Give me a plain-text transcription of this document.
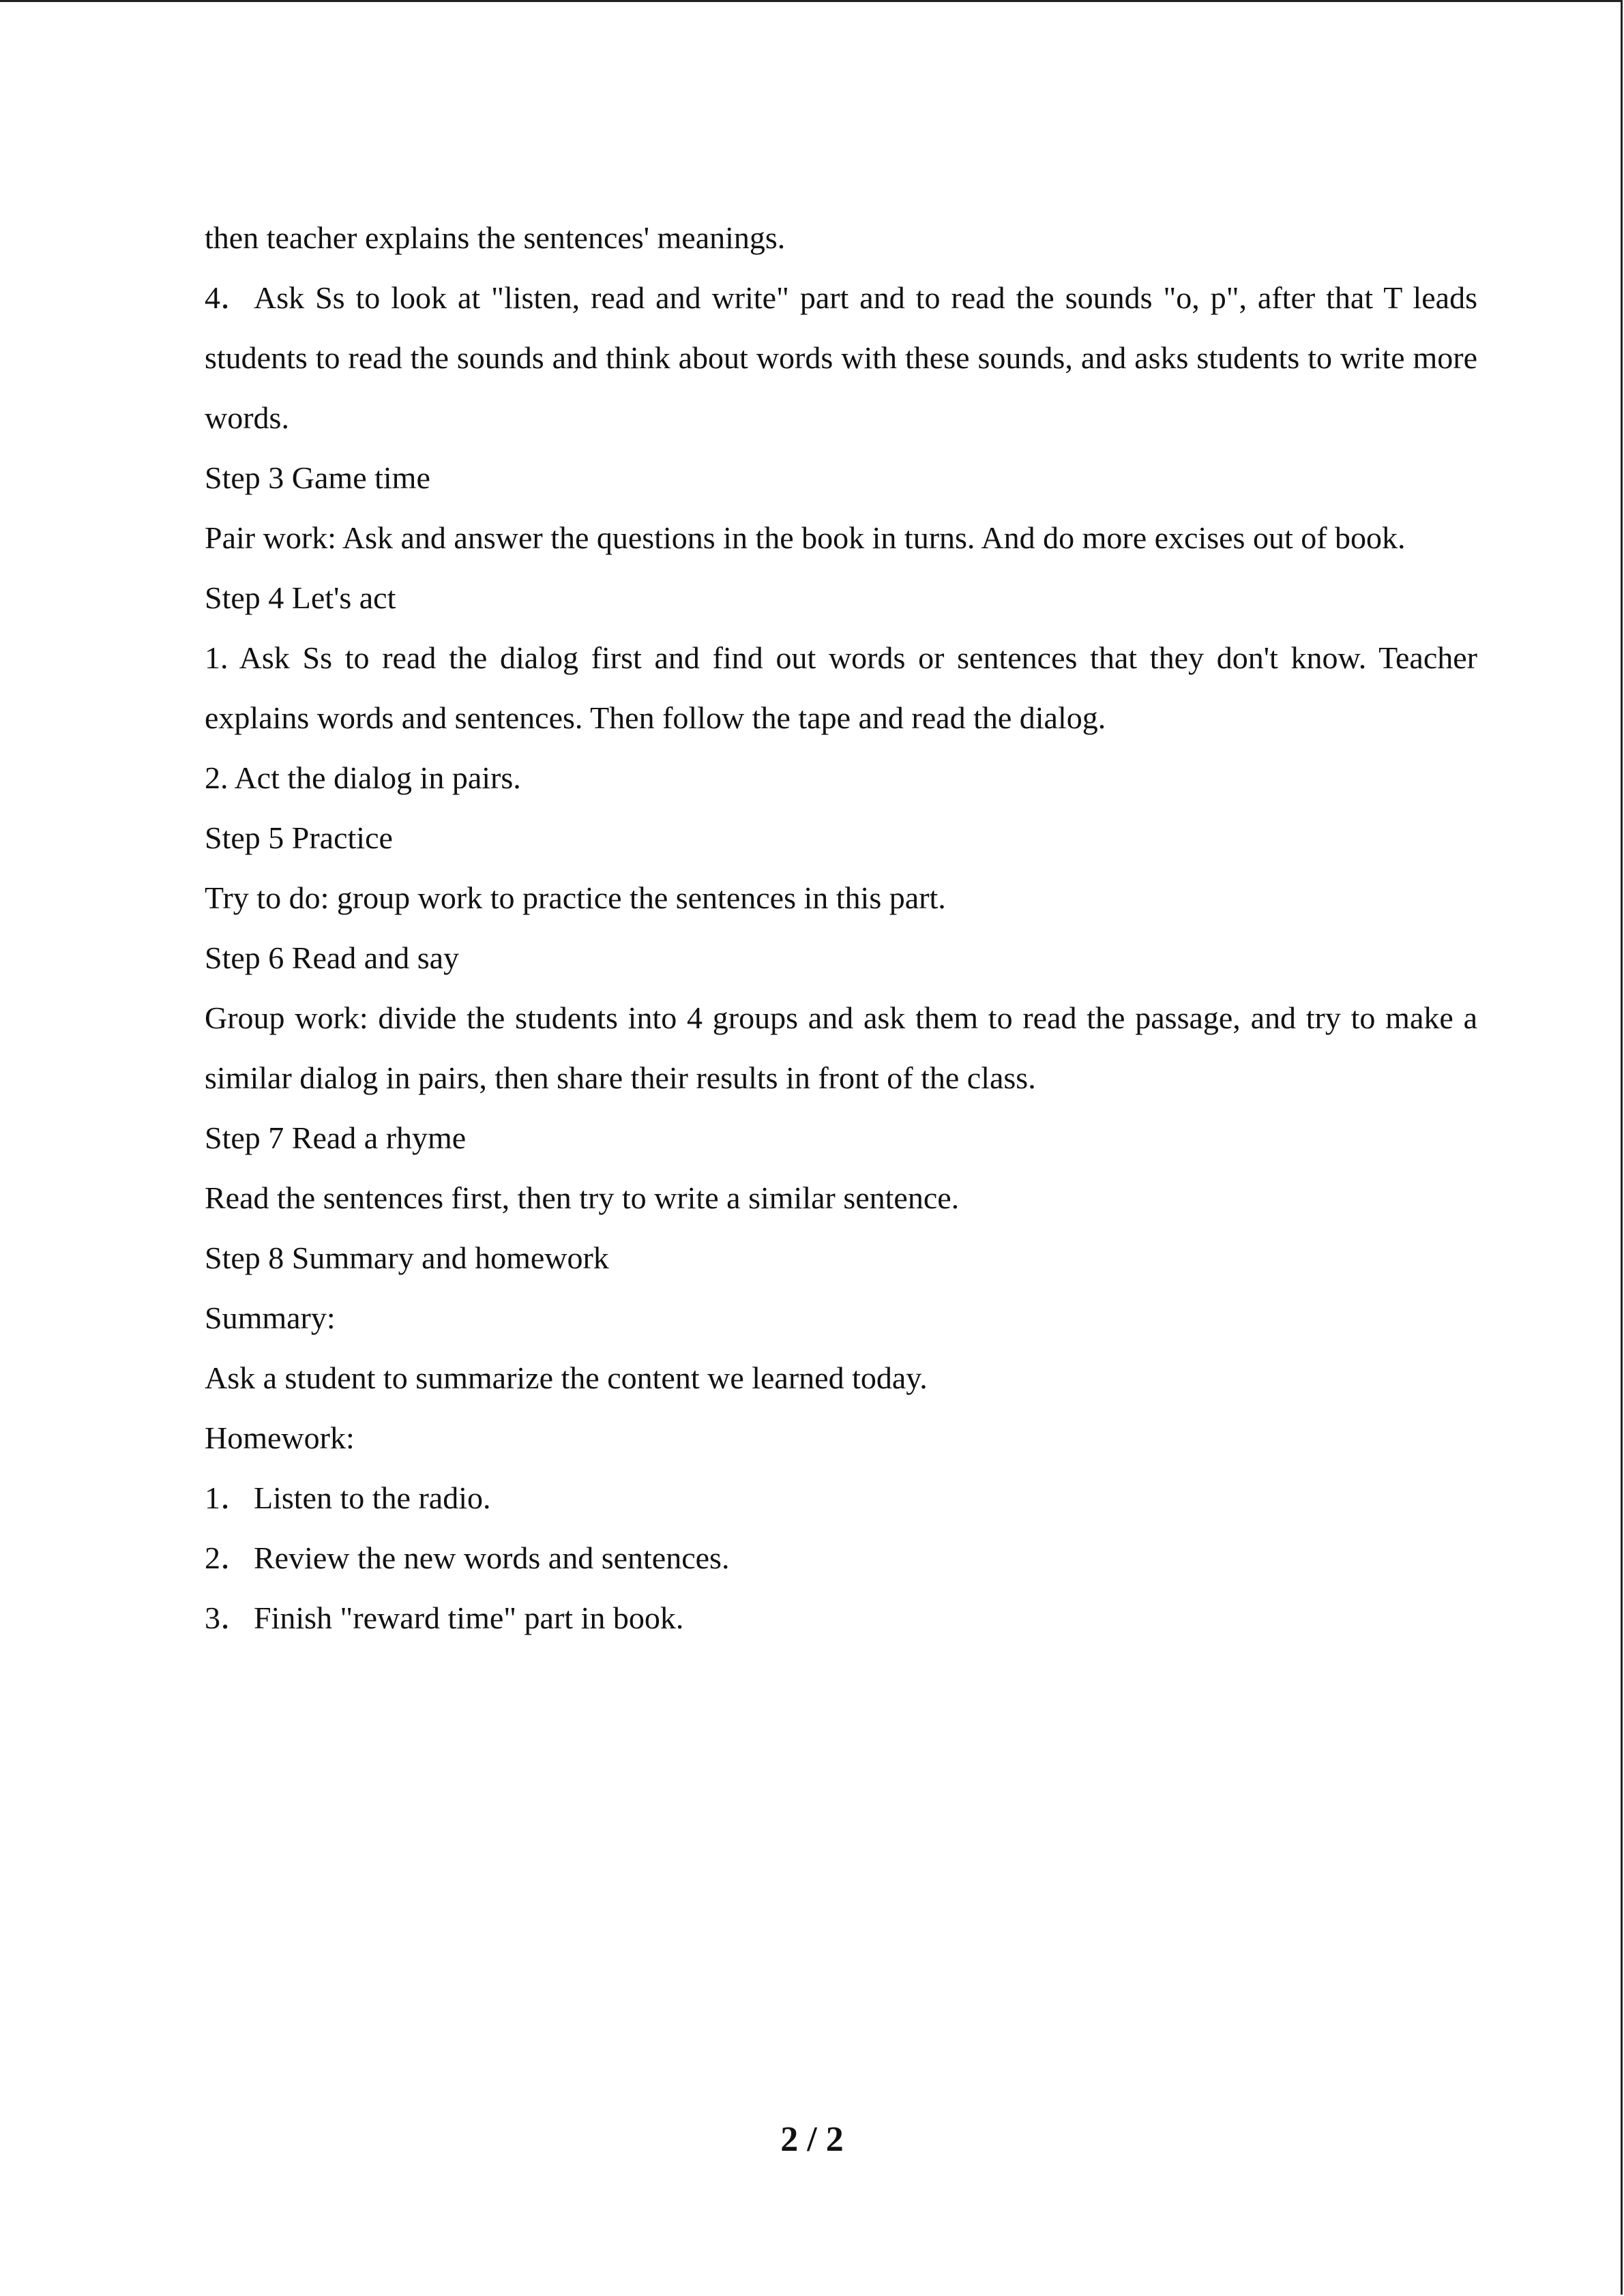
then teacher explains the sentences' meanings.

4．Ask Ss to look at "listen, read and write" part and to read the sounds "o, p", after that T leads students to read the sounds and think about words with these sounds, and asks students to write more words.

Step 3 Game time

Pair work: Ask and answer the questions in the book in turns. And do more excises out of book.

Step 4 Let's act

1. Ask Ss to read the dialog first and find out words or sentences that they don't know. Teacher explains words and sentences. Then follow the tape and read the dialog.

2. Act the dialog in pairs.

Step 5 Practice

Try to do: group work to practice the sentences in this part.

Step 6 Read and say

Group work: divide the students into 4 groups and ask them to read the passage, and try to make a similar dialog in pairs, then share their results in front of the class.

Step 7 Read a rhyme

Read the sentences first, then try to write a similar sentence.

Step 8 Summary and homework

Summary:

Ask a student to summarize the content we learned today.

Homework:

1．Listen to the radio.

2．Review the new words and sentences.

3．Finish "reward time" part in book.

2 / 2
